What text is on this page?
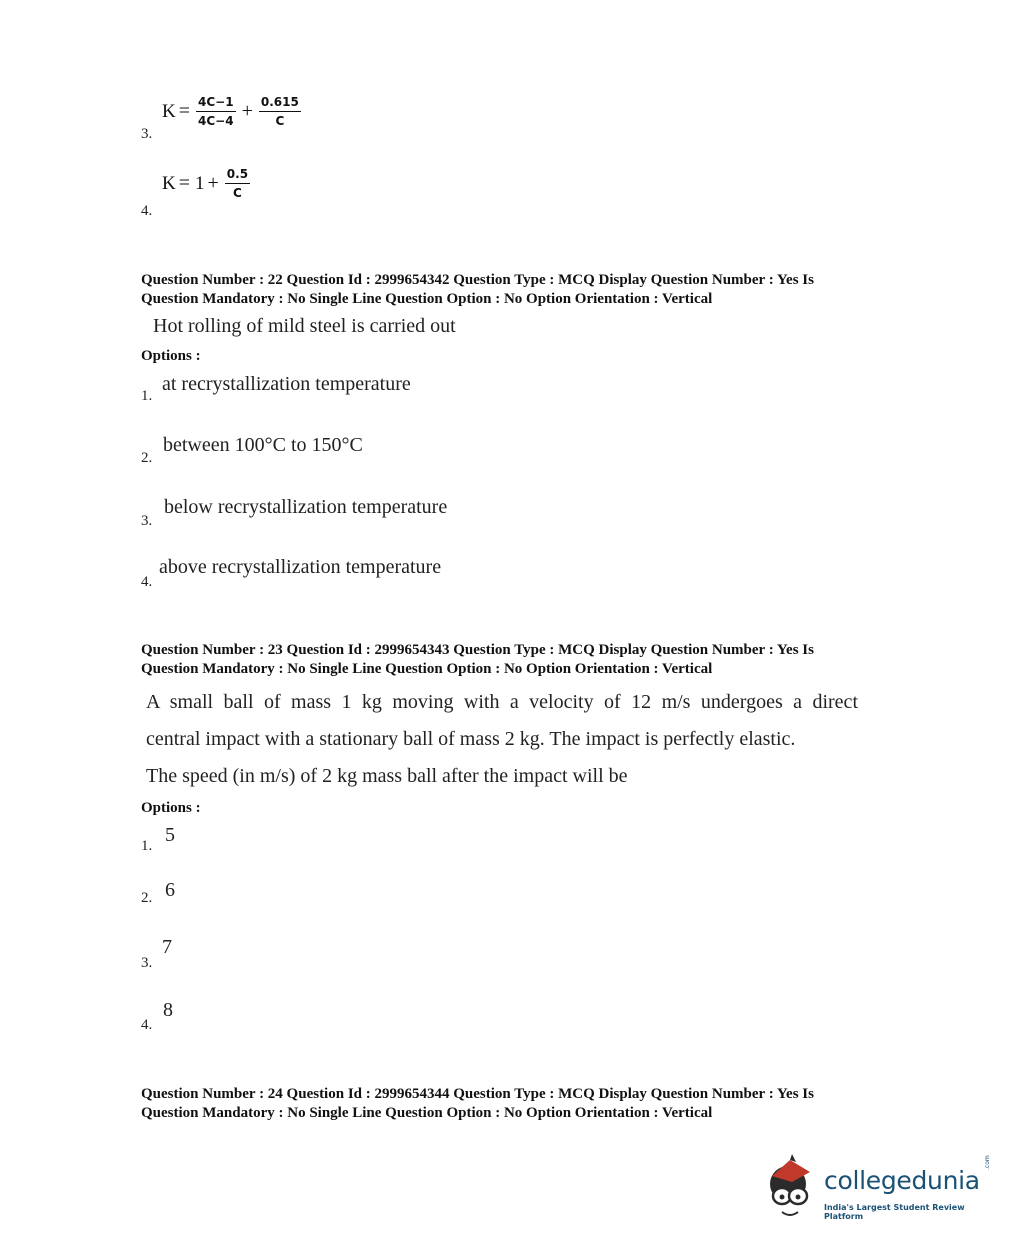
$K = \frac{4C-1}{4C-4} + \frac{0.615}{C}$
3.
$K = 1 + \frac{0.5}{C}$
4.
Question Number : 22 Question Id : 2999654342 Question Type : MCQ Display Question Number : Yes Is
Question Mandatory : No Single Line Question Option : No Option Orientation : Vertical
Hot rolling of mild steel is carried out
Options :
1.
at recrystallization temperature
2.
between 100°C to 150°C
3.
below recrystallization temperature
4.
above recrystallization temperature
Question Number : 23 Question Id : 2999654343 Question Type : MCQ Display Question Number : Yes Is
Question Mandatory : No Single Line Question Option : No Option Orientation : Vertical
A small ball of mass 1 kg moving with a velocity of 12 m/s undergoes a direct
central impact with a stationary ball of mass 2 kg. The impact is perfectly elastic.
The speed (in m/s) of 2 kg mass ball after the impact will be
Options :
1. 5
2. 6
3.
7
4.
8
Question Number : 24 Question Id : 2999654344 Question Type : MCQ Display Question Number : Yes Is
Question Mandatory : No Single Line Question Option : No Option Orientation : Vertical
collegedunia
.com
India's Largest Student Review Platform
